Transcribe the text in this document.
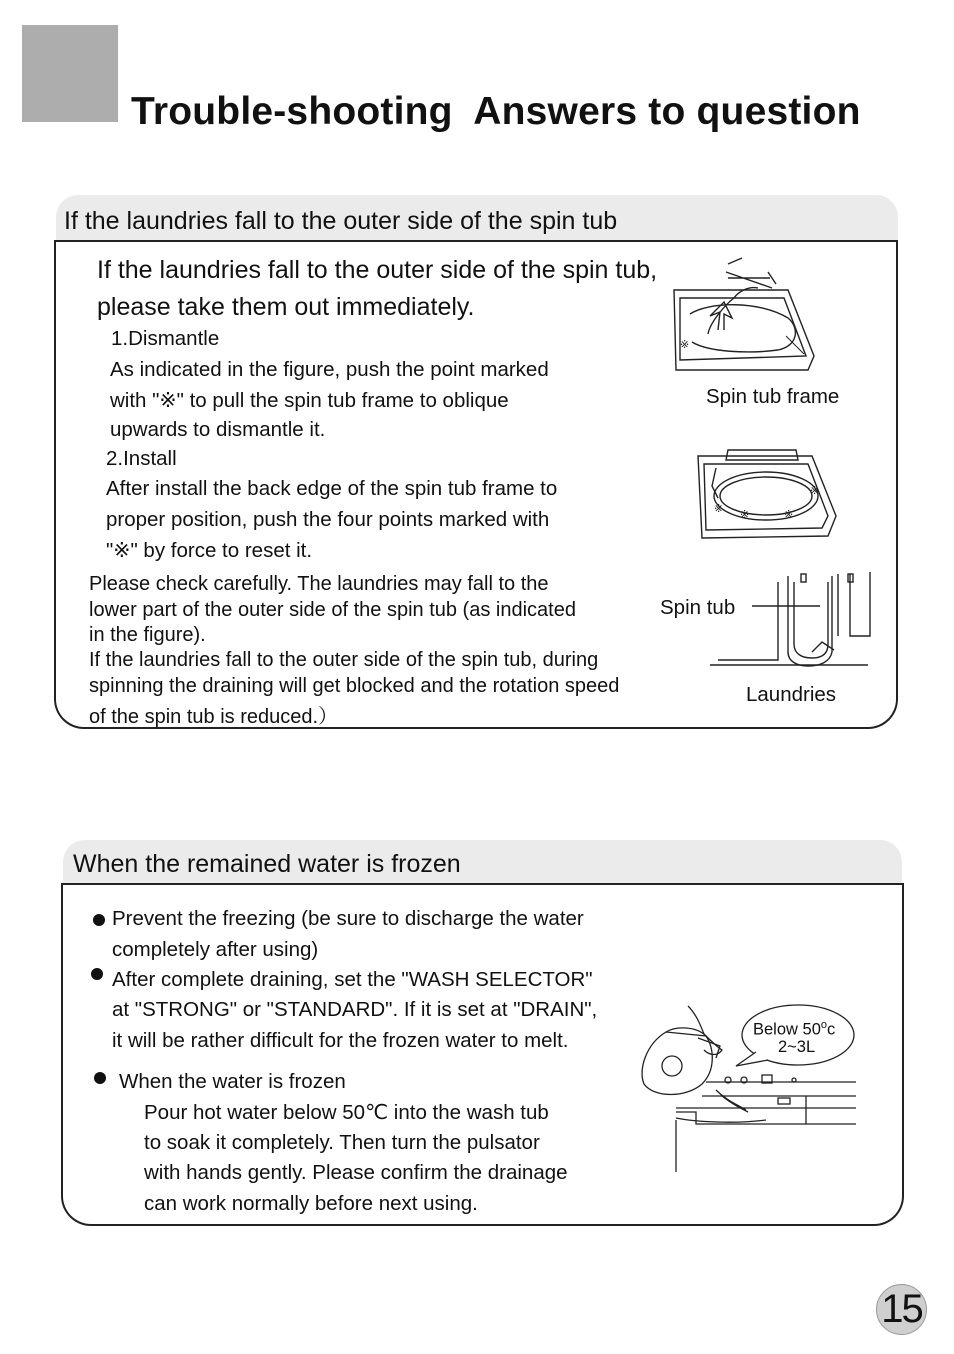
Trouble-shooting  Answers to question
If the laundries fall to the outer side of the spin tub
If the laundries fall to the outer side of the spin tub,
please take them out immediately.
1.Dismantle
As indicated in the figure, push the point marked
with "※" to pull the spin tub frame to oblique
upwards to dismantle it.
2.Install
After install the back edge of the spin tub frame to
proper position, push the four points marked with
"※" by force to reset it.
Please check carefully. The laundries may fall to the
lower part of the outer side of the spin tub (as indicated
in the figure).
If the laundries fall to the outer side of the spin tub, during
spinning the draining will get blocked and the rotation speed
of the spin tub is reduced.）
※
Spin tub frame
※ ※	※
※
Spin tub
Laundries
When the remained water is frozen
Prevent the freezing (be sure to discharge the water
completely after using)
After complete draining, set the "WASH SELECTOR"
at "STRONG" or "STANDARD". If it is set at "DRAIN",
it will be rather difficult for the frozen water to melt.
When the water is frozen
Pour hot water below 50℃ into the wash tub
to soak it completely. Then turn the pulsator
with hands gently. Please confirm the drainage
can work normally before next using.
Below 50$^o$c
2~3L
15
